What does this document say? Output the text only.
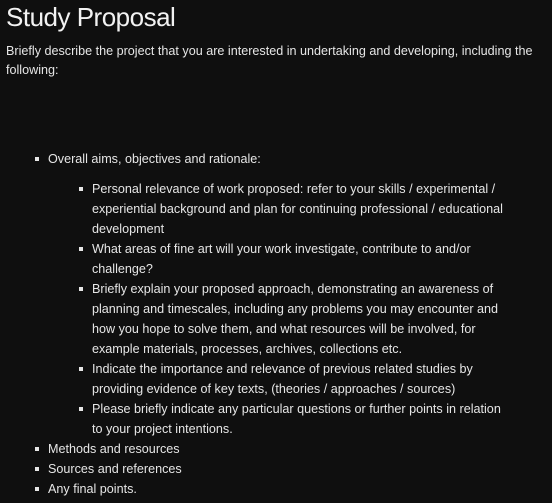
Study Proposal

Briefly describe the project that you are interested in undertaking and developing, including the following:

Overall aims, objectives and rationale:
Personal relevance of work proposed: refer to your skills / experimental / experiential background and plan for continuing professional / educational development
What areas of fine art will your work investigate, contribute to and/or challenge?
Briefly explain your proposed approach, demonstrating an awareness of planning and timescales, including any problems you may encounter and how you hope to solve them, and what resources will be involved, for example materials, processes, archives, collections etc.
Indicate the importance and relevance of previous related studies by providing evidence of key texts, (theories / approaches / sources)
Please briefly indicate any particular questions or further points in relation to your project intentions.
Methods and resources
Sources and references
Any final points.
